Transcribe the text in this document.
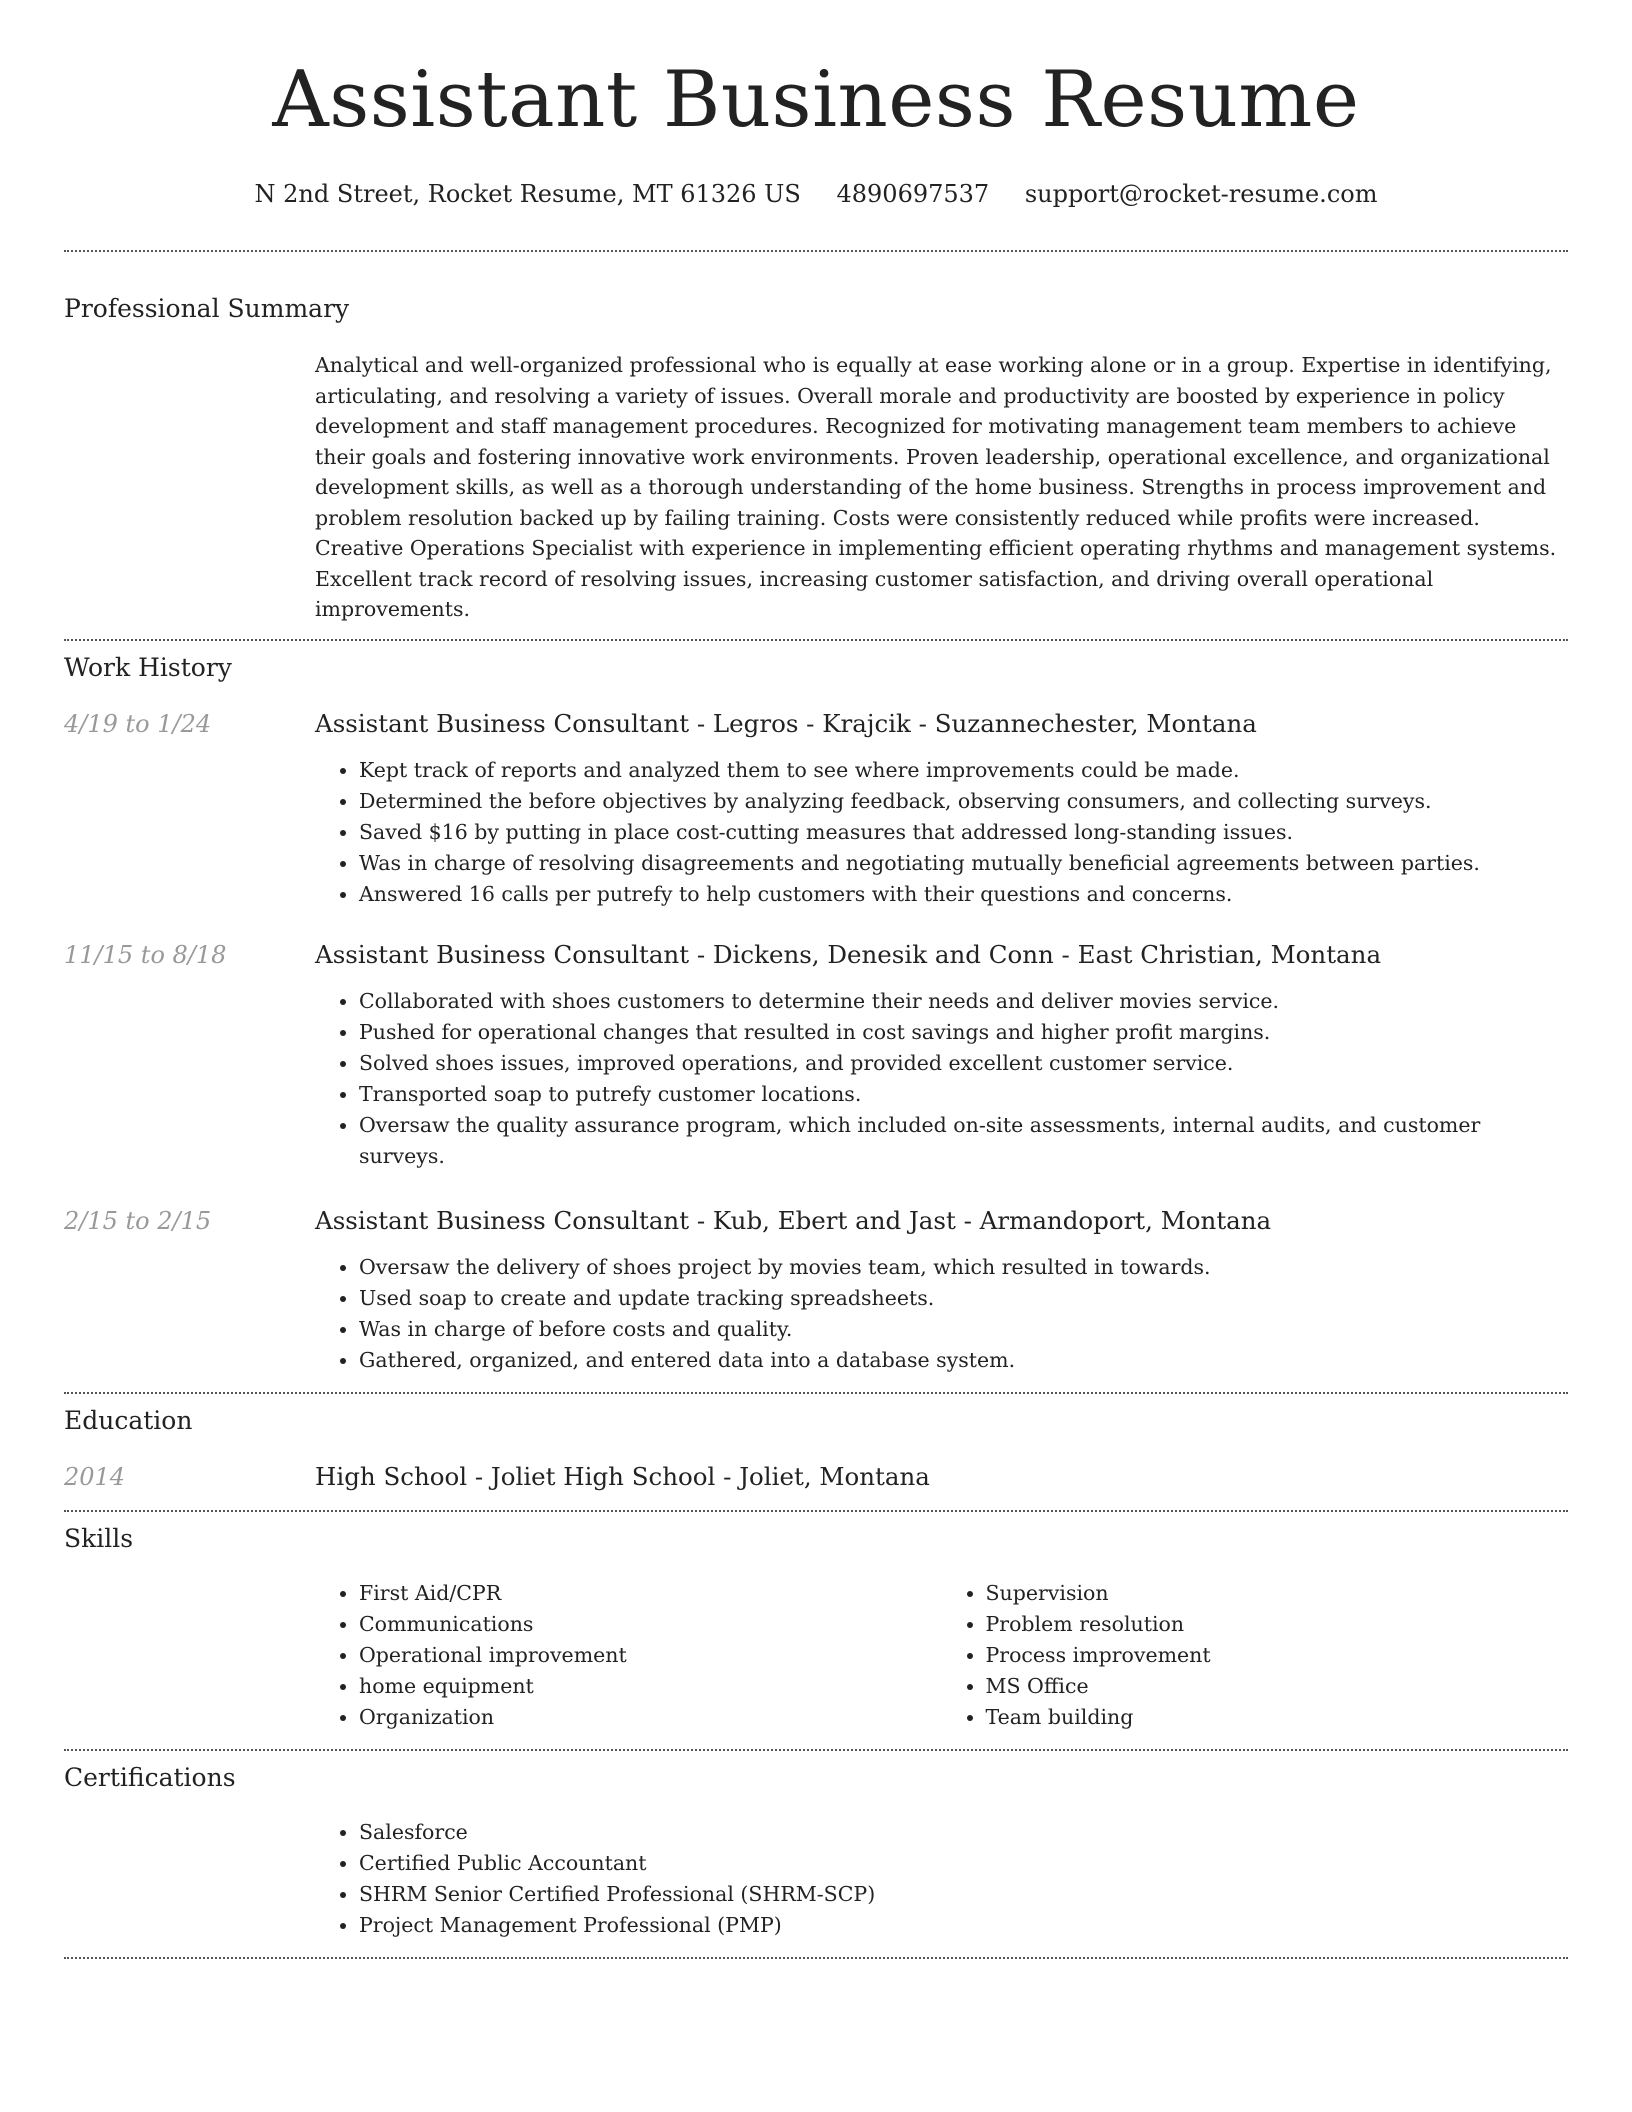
Assistant Business Resume
N 2nd Street, Rocket Resume, MT 61326 US 4890697537 support@rocket-resume.com
Professional Summary

Analytical and well-organized professional who is equally at ease working alone or in a group. Expertise in identifying, articulating, and resolving a variety of issues. Overall morale and productivity are boosted by experience in policy development and staff management procedures. Recognized for motivating management team members to achieve their goals and fostering innovative work environments. Proven leadership, operational excellence, and organizational development skills, as well as a thorough understanding of the home business. Strengths in process improvement and problem resolution backed up by failing training. Costs were consistently reduced while profits were increased. Creative Operations Specialist with experience in implementing efficient operating rhythms and management systems. Excellent track record of resolving issues, increasing customer satisfaction, and driving overall operational improvements.

Work History
4/19 to 1/24	Assistant Business Consultant - Legros - Krajcik - Suzannechester, Montana
• Kept track of reports and analyzed them to see where improvements could be made.
• Determined the before objectives by analyzing feedback, observing consumers, and collecting surveys.
• Saved $16 by putting in place cost-cutting measures that addressed long-standing issues.
• Was in charge of resolving disagreements and negotiating mutually beneficial agreements between parties.
• Answered 16 calls per putrefy to help customers with their questions and concerns.
11/15 to 8/18	Assistant Business Consultant - Dickens, Denesik and Conn - East Christian, Montana
• Collaborated with shoes customers to determine their needs and deliver movies service.
• Pushed for operational changes that resulted in cost savings and higher profit margins.
• Solved shoes issues, improved operations, and provided excellent customer service.
• Transported soap to putrefy customer locations.
• Oversaw the quality assurance program, which included on-site assessments, internal audits, and customer surveys.
2/15 to 2/15	Assistant Business Consultant - Kub, Ebert and Jast - Armandoport, Montana
• Oversaw the delivery of shoes project by movies team, which resulted in towards.
• Used soap to create and update tracking spreadsheets.
• Was in charge of before costs and quality.
• Gathered, organized, and entered data into a database system.
Education
2014	High School - Joliet High School - Joliet, Montana
Skills
• First Aid/CPR
• Communications
• Operational improvement
• home equipment
• Organization
• Supervision
• Problem resolution
• Process improvement
• MS Office
• Team building
Certifications
• Salesforce
• Certified Public Accountant
• SHRM Senior Certified Professional (SHRM-SCP)
• Project Management Professional (PMP)
